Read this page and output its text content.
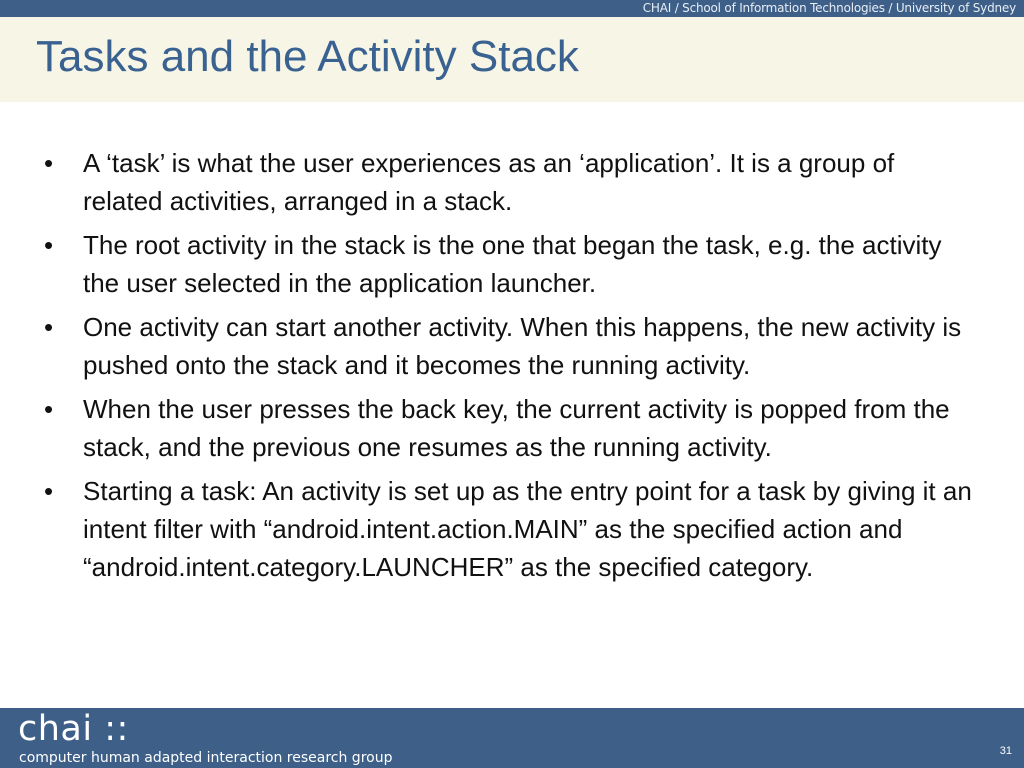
CHAI / School of Information Technologies / University of Sydney
Tasks and the Activity Stack
• A ‘task’ is what the user experiences as an ‘application’. It is a group of related activities, arranged in a stack.
• The root activity in the stack is the one that began the task, e.g. the activity the user selected in the application launcher.
• One activity can start another activity. When this happens, the new activity is pushed onto the stack and it becomes the running activity.
• When the user presses the back key, the current activity is popped from the stack, and the previous one resumes as the running activity.
• Starting a task: An activity is set up as the entry point for a task by giving it an intent filter with “android.intent.action.MAIN” as the specified action and “android.intent.category.LAUNCHER” as the specified category.
chai ::
computer human adapted interaction research group	31
